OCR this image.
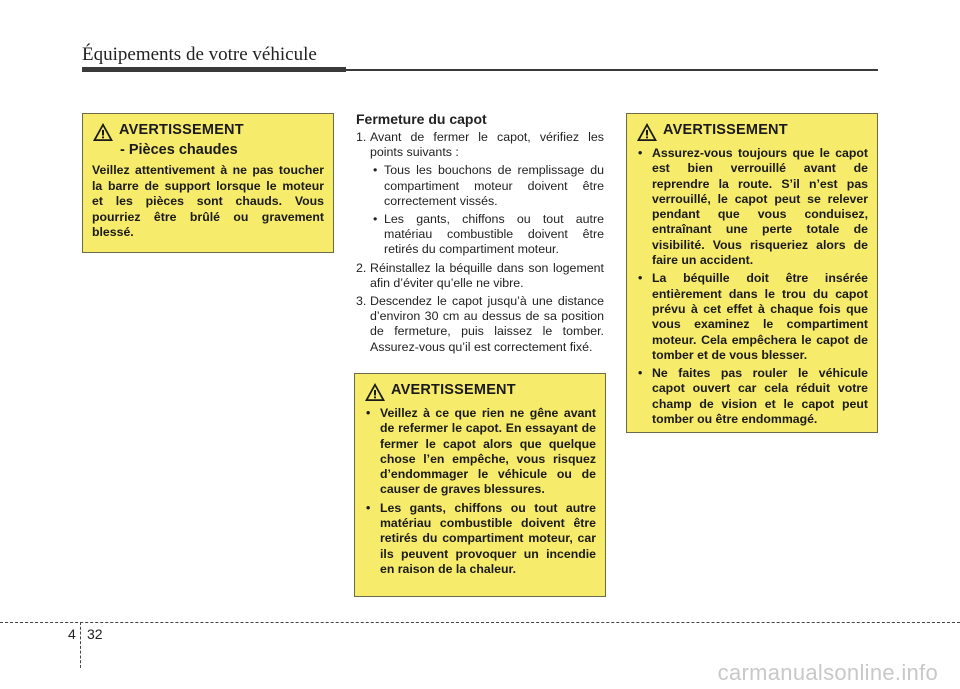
Équipements de votre véhicule
AVERTISSEMENT
- Pièces chaudes
Veillez attentivement à ne pas toucher la barre de support lorsque le moteur et les pièces sont chauds. Vous pourriez être brûlé ou gravement blessé.
Fermeture du capot
1. Avant de fermer le capot, vérifiez les points suivants :
• Tous les bouchons de remplissage du compartiment moteur doivent être correctement vissés.
• Les gants, chiffons ou tout autre matériau combustible doivent être retirés du compartiment moteur.
2. Réinstallez la béquille dans son logement afin d’éviter qu’elle ne vibre.
3. Descendez le capot jusqu’à une distance d’environ 30 cm au dessus de sa position de fermeture, puis laissez le tomber. Assurez-vous qu’il est correctement fixé.
AVERTISSEMENT
• Veillez à ce que rien ne gêne avant de refermer le capot. En essayant de fermer le capot alors que quelque chose l’en empêche, vous risquez d’endommager le véhicule ou de causer de graves blessures.
• Les gants, chiffons ou tout autre matériau combustible doivent être retirés du compartiment moteur, car ils peuvent provoquer un incendie en raison de la chaleur.
AVERTISSEMENT
• Assurez-vous toujours que le capot est bien verrouillé avant de reprendre la route. S’il n’est pas verrouillé, le capot peut se relever pendant que vous conduisez, entraînant une perte totale de visibilité. Vous risqueriez alors de faire un accident.
• La béquille doit être insérée entièrement dans le trou du capot prévu à cet effet à chaque fois que vous examinez le compartiment moteur. Cela empêchera le capot de tomber et de vous blesser.
• Ne faites pas rouler le véhicule capot ouvert car cela réduit votre champ de vision et le capot peut tomber ou être endommagé.
4 32
carmanualsonline.info
